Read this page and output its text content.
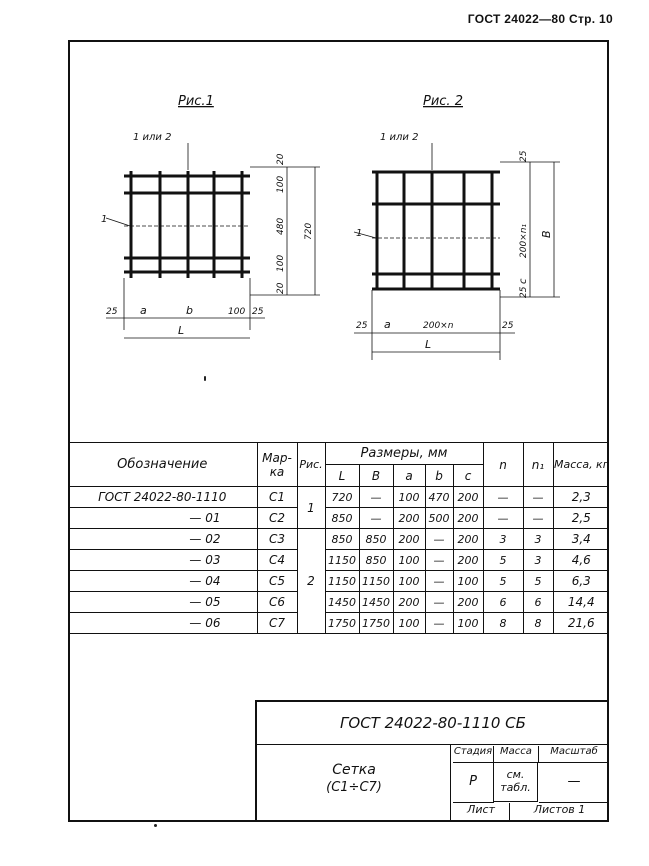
ГОСТ 24022—80 Стр. 10
Рис.1
1 или 2
1
20
100
480
100
20
720
25 a	b	100 25
L
Рис. 2
1 или 2
1
25
200×n₁
c
25
B
25 a	200×n	25
L
Обозначение	Мар-ка	Рис.	Размеры, мм					n	n₁	Масса, кг
			L	B	a	b	c			
ГОСТ 24022-80-1110	С1	1	720	—	100	470	200	—	—	2,3
— 01	С2		850	—	200	500	200	—	—	2,5
— 02	С3	2	850	850	200	—	200	3	3	3,4
— 03	С4		1150	850	100	—	200	5	3	4,6
— 04	С5		1150	1150	100	—	100	5	5	6,3
— 05	С6		1450	1450	200	—	200	6	6	14,4
— 06	С7		1750	1750	100	—	100	8	8	21,6

ГОСТ 24022-80-1110 СБ
Сетка
(С1÷С7)
Стадия Масса	Масштаб
Р	см. табл.	—
Лист	Листов 1
